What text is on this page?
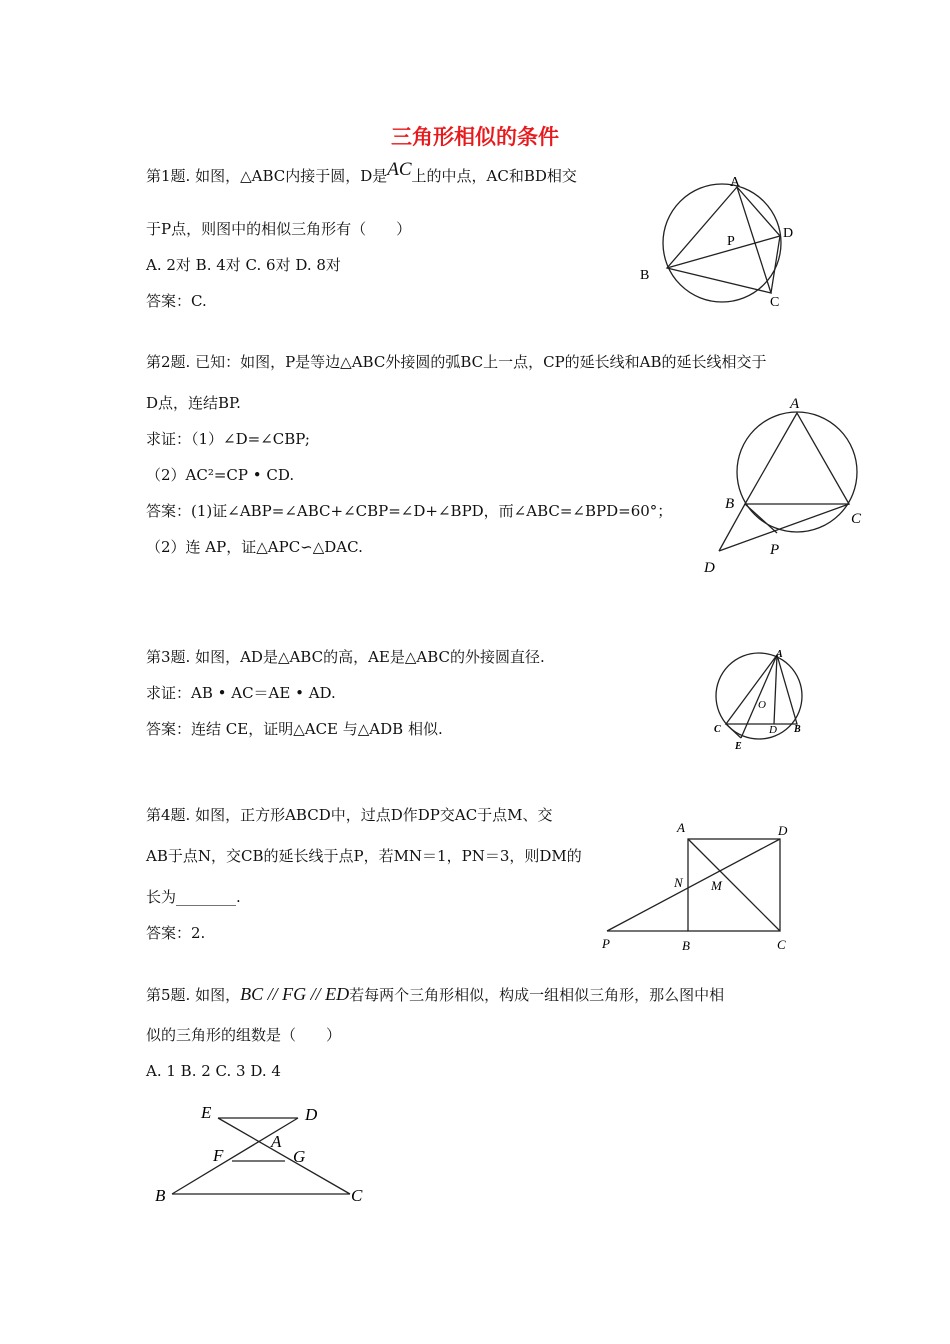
三角形相似的条件
第1题. 如图，△ABC内接于圆，D是AC上的中点，AC和BD相交
于P点，则图中的相似三角形有（　　）
A. 2对 B. 4对 C. 6对 D. 8对
答案：C.
A
B
C
D
P
第2题. 已知：如图，P是等边△ABC外接圆的弧BC上一点，CP的延长线和AB的延长线相交于
D点，连结BP.
求证：（1）∠D=∠CBP;
（2）AC²=CP • CD.
答案：(1)证∠ABP=∠ABC+∠CBP=∠D+∠BPD，而∠ABC=∠BPD=60°；
（2）连 AP，证△APC∽△DAC.
A
B
C
D
P
第3题. 如图，AD是△ABC的高，AE是△ABC的外接圆直径.
求证：AB • AC＝AE • AD.
答案：连结 CE，证明△ACE 与△ADB 相似.
A
C	D B
E
O
第4题. 如图，正方形ABCD中，过点D作DP交AC于点M、交
AB于点N，交CB的延长线于点P，若MN＝1，PN＝3，则DM的
长为________.
答案：2.
A	D
N M
P	B	C
第5题. 如图，BC // FG // ED若每两个三角形相似，构成一组相似三角形，那么图中相
似的三角形的组数是（　　）
A. 1 B. 2 C. 3 D. 4
E	D
A
F	G
B	C
